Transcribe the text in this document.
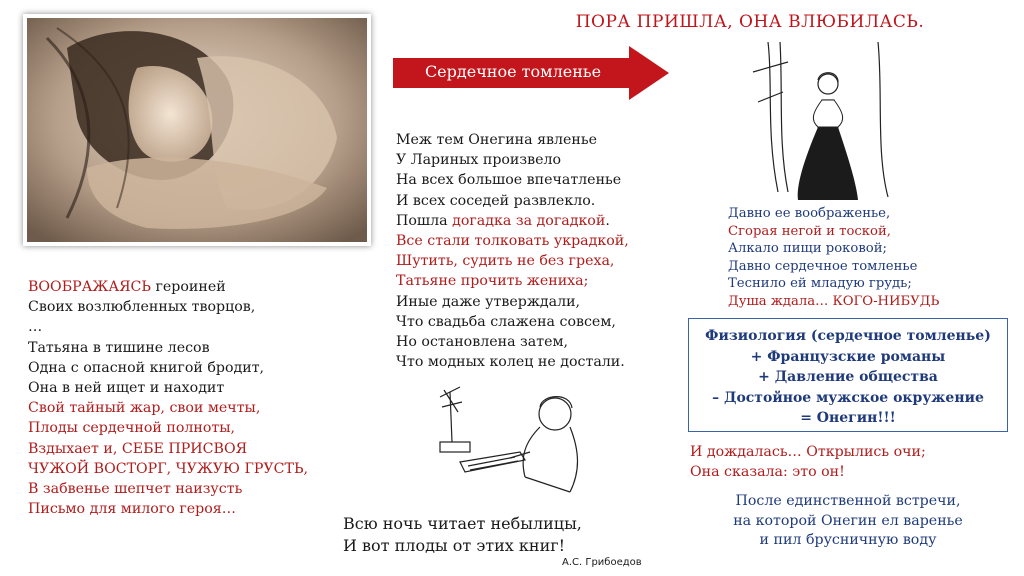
ПОРА ПРИШЛА, ОНА ВЛЮБИЛАСЬ.
Сердечное томленье
ВООБРАЖАЯСЬ героиней
Своих возлюбленных творцов,
…
Татьяна в тишине лесов
Одна с опасной книгой бродит,
Она в ней ищет и находит
Свой тайный жар, свои мечты,
Плоды сердечной полноты,
Вздыхает и, СЕБЕ ПРИСВОЯ
ЧУЖОЙ ВОСТОРГ, ЧУЖУЮ ГРУСТЬ,
В забвенье шепчет наизусть
Письмо для милого героя…
Меж тем Онегина явленье
У Лариных произвело
На всех большое впечатленье
И всех соседей развлекло.
Пошла догадка за догадкой.
Все стали толковать украдкой,
Шутить, судить не без греха,
Татьяне прочить жениха;
Иные даже утверждали,
Что свадьба слажена совсем,
Но остановлена затем,
Что модных колец не достали.
Давно ее воображенье,
Сгорая негой и тоской,
Алкало пищи роковой;
Давно сердечное томленье
Теснило ей младую грудь;
Душа ждала… КОГО-НИБУДЬ
Физиология (сердечное томленье)
+ Французские романы
+ Давление общества
– Достойное мужское окружение
= Онегин!!!
И дождалась… Открылись очи;
Она сказала: это он!
После единственной встречи,
на которой Онегин ел варенье
и пил брусничную воду
Всю ночь читает небылицы,
И вот плоды от этих книг!
А.С. Грибоедов
